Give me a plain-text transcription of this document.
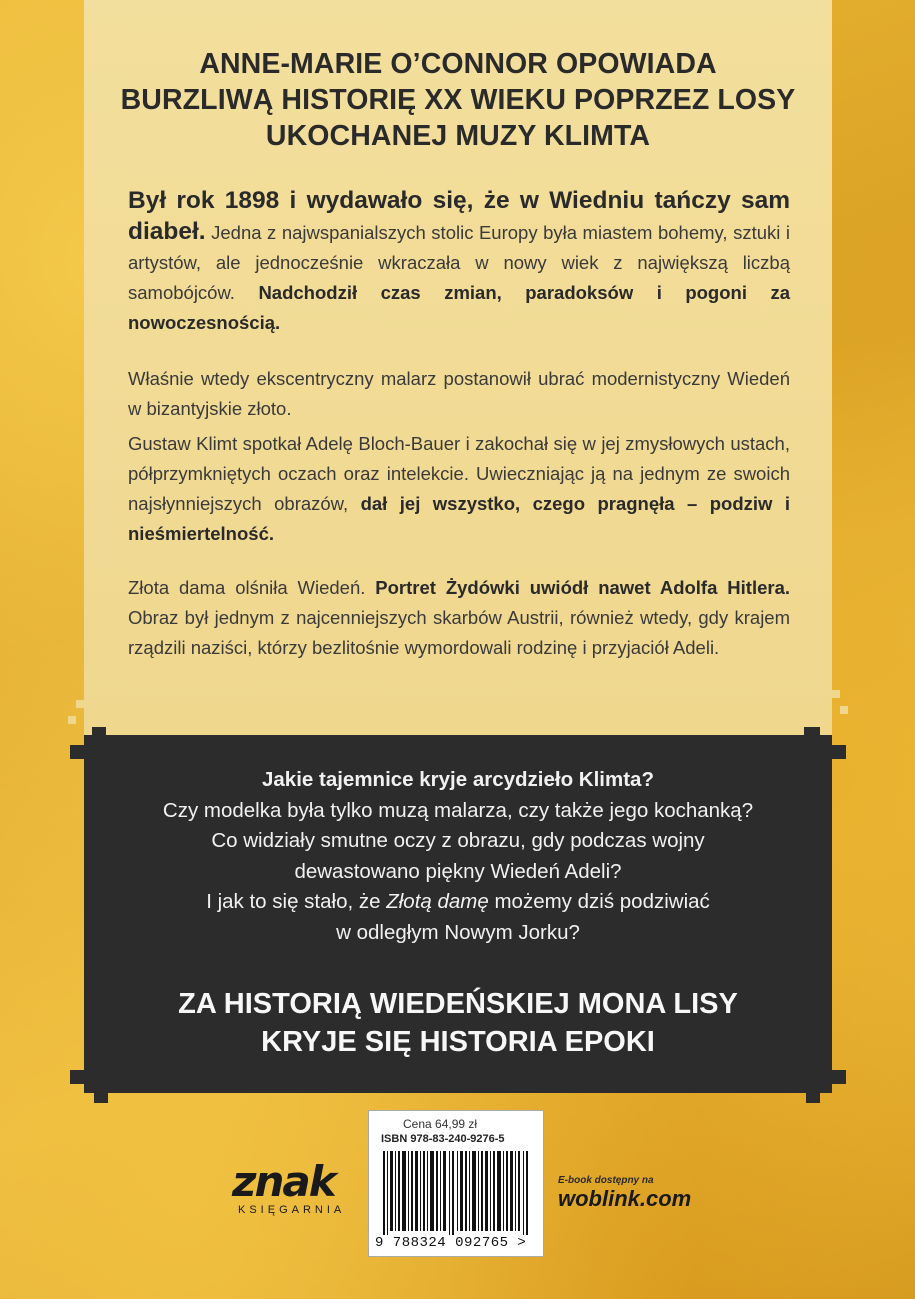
ANNE-MARIE O’CONNOR OPOWIADA
BURZLIWĄ HISTORIĘ XX WIEKU POPRZEZ LOSY
UKOCHANEJ MUZY KLIMTA
Był rok 1898 i wydawało się, że w Wiedniu tańczy sam diabeł. Jedna z najwspanialszych stolic Europy była miastem bohemy, sztuki i artystów, ale jednocześnie wkraczała w nowy wiek z największą liczbą samobójców. Nadchodził czas zmian, paradoksów i pogoni za nowoczesnością.
Właśnie wtedy ekscentryczny malarz postanowił ubrać modernistyczny Wiedeń w bizantyjskie złoto.
Gustaw Klimt spotkał Adelę Bloch-Bauer i zakochał się w jej zmysłowych ustach, półprzymkniętych oczach oraz intelekcie. Uwieczniając ją na jednym ze swoich najsłynniejszych obrazów, dał jej wszystko, czego pragnęła – podziw i nieśmiertelność.
Złota dama olśniła Wiedeń. Portret Żydówki uwiódł nawet Adolfa Hitlera. Obraz był jednym z najcenniejszych skarbów Austrii, również wtedy, gdy krajem rządzili naziści, którzy bezlitośnie wymordowali rodzinę i przyjaciół Adeli.
Jakie tajemnice kryje arcydzieło Klimta?
Czy modelka była tylko muzą malarza, czy także jego kochanką?
Co widziały smutne oczy z obrazu, gdy podczas wojny
dewastowano piękny Wiedeń Adeli?
I jak to się stało, że Złotą damę możemy dziś podziwiać
w odległym Nowym Jorku?
ZA HISTORIĄ WIEDEŃSKIEJ MONA LISY
KRYJE SIĘ HISTORIA EPOKI
Cena 64,99 zł
ISBN 978-83-240-9276-5
9 788324 092765 >
znak
KSIĘGARNIA
E-book dostępny na
woblink.com
